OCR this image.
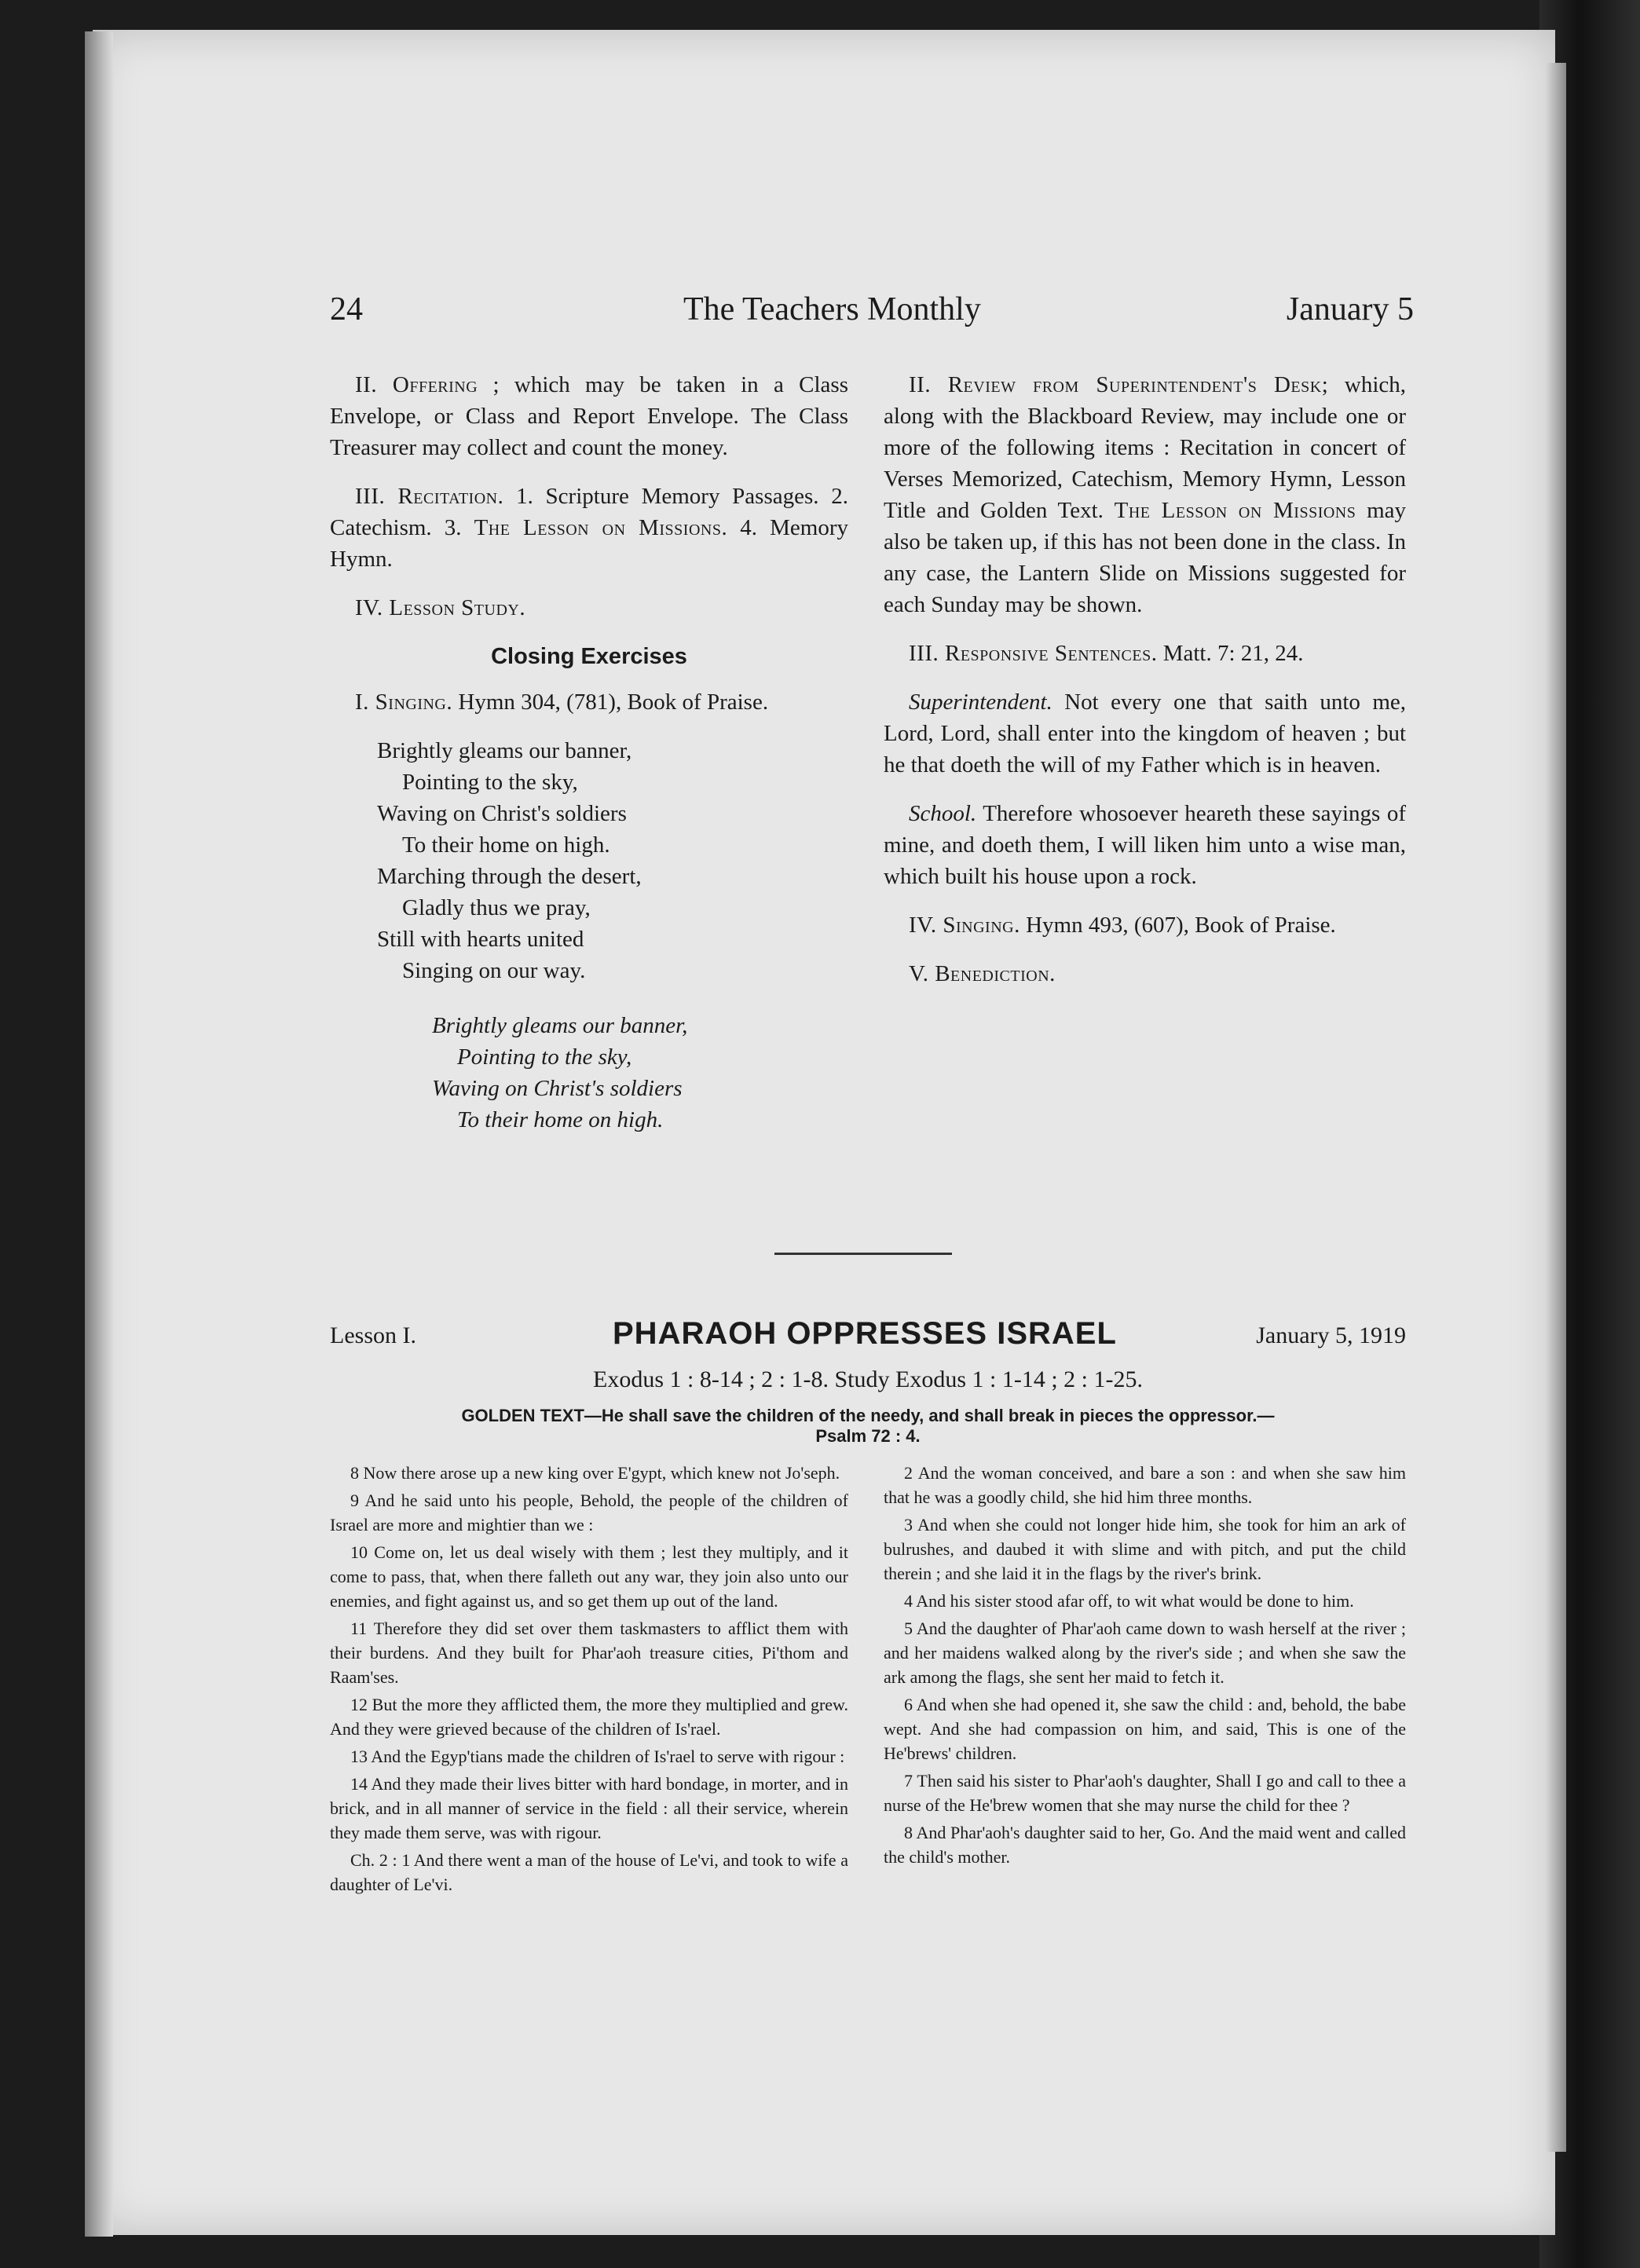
24	The Teachers Monthly	January 5

II. Offering ; which may be taken in a Class Envelope, or Class and Report Envelope. The Class Treasurer may collect and count the money.

III. Recitation. 1. Scripture Memory Passages. 2. Catechism. 3. The Lesson on Missions. 4. Memory Hymn.

IV. Lesson Study.

Closing Exercises

I. Singing. Hymn 304, (781), Book of Praise.

Brightly gleams our banner,
Pointing to the sky,
Waving on Christ's soldiers
To their home on high.
Marching through the desert,
Gladly thus we pray,
Still with hearts united
Singing on our way.
Brightly gleams our banner,
Pointing to the sky,
Waving on Christ's soldiers
To their home on high.

II. Review from Superintendent's Desk; which, along with the Blackboard Review, may include one or more of the following items : Recitation in concert of Verses Memorized, Catechism, Memory Hymn, Lesson Title and Golden Text. The Lesson on Missions may also be taken up, if this has not been done in the class. In any case, the Lantern Slide on Missions suggested for each Sunday may be shown.

III. Responsive Sentences. Matt. 7: 21, 24.

Superintendent. Not every one that saith unto me, Lord, Lord, shall enter into the kingdom of heaven ; but he that doeth the will of my Father which is in heaven.

School. Therefore whosoever heareth these sayings of mine, and doeth them, I will liken him unto a wise man, which built his house upon a rock.

IV. Singing. Hymn 493, (607), Book of Praise.

V. Benediction.

Lesson I.	PHARAOH OPPRESSES ISRAEL	January 5, 1919
Exodus 1 : 8-14 ; 2 : 1-8. Study Exodus 1 : 1-14 ; 2 : 1-25.
GOLDEN TEXT—He shall save the children of the needy, and shall break in pieces the oppressor.—
Psalm 72 : 4.

8 Now there arose up a new king over E'gypt, which knew not Jo'seph.

9 And he said unto his people, Behold, the people of the children of Israel are more and mightier than we :

10 Come on, let us deal wisely with them ; lest they multiply, and it come to pass, that, when there falleth out any war, they join also unto our enemies, and fight against us, and so get them up out of the land.

11 Therefore they did set over them taskmasters to afflict them with their burdens. And they built for Phar'aoh treasure cities, Pi'thom and Raam'ses.

12 But the more they afflicted them, the more they multiplied and grew. And they were grieved because of the children of Is'rael.

13 And the Egyp'tians made the children of Is'rael to serve with rigour :

14 And they made their lives bitter with hard bondage, in morter, and in brick, and in all manner of service in the field : all their service, wherein they made them serve, was with rigour.

Ch. 2 : 1 And there went a man of the house of Le'vi, and took to wife a daughter of Le'vi.

2 And the woman conceived, and bare a son : and when she saw him that he was a goodly child, she hid him three months.

3 And when she could not longer hide him, she took for him an ark of bulrushes, and daubed it with slime and with pitch, and put the child therein ; and she laid it in the flags by the river's brink.

4 And his sister stood afar off, to wit what would be done to him.

5 And the daughter of Phar'aoh came down to wash herself at the river ; and her maidens walked along by the river's side ; and when she saw the ark among the flags, she sent her maid to fetch it.

6 And when she had opened it, she saw the child : and, behold, the babe wept. And she had compassion on him, and said, This is one of the He'brews' children.

7 Then said his sister to Phar'aoh's daughter, Shall I go and call to thee a nurse of the He'brew women that she may nurse the child for thee ?

8 And Phar'aoh's daughter said to her, Go. And the maid went and called the child's mother.
